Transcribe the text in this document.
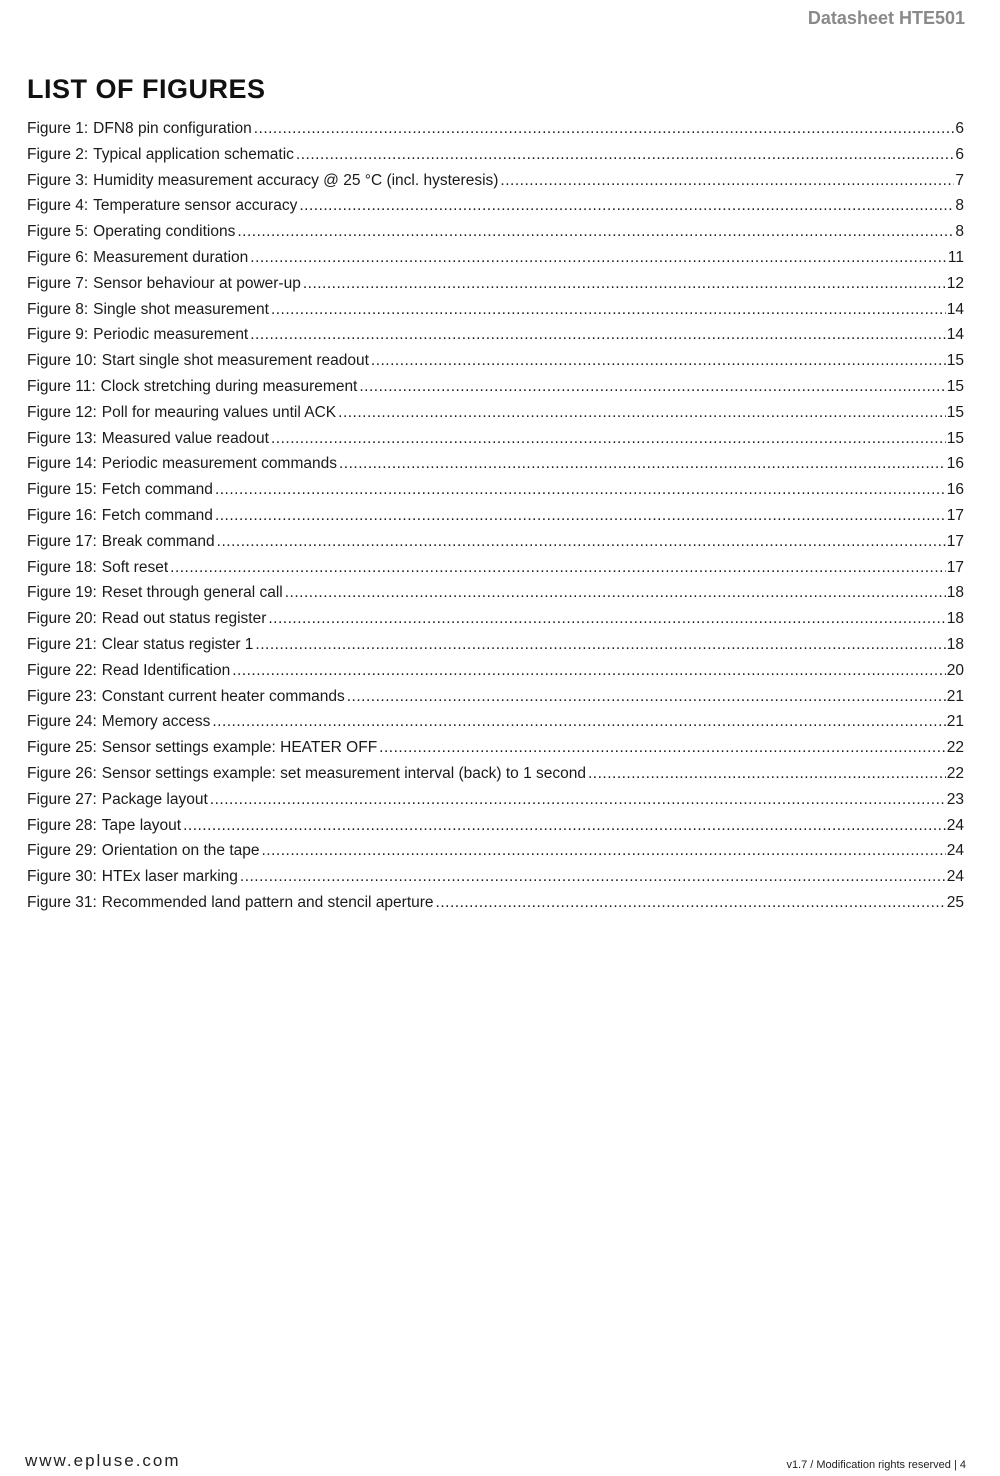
Datasheet HTE501
LIST OF FIGURES
Figure 1: DFN8 pin configuration .....	6
Figure 2: Typical application schematic .....	6
Figure 3: Humidity measurement accuracy @ 25 °C (incl. hysteresis) .....	7
Figure 4: Temperature sensor accuracy .....	8
Figure 5: Operating conditions .....	8
Figure 6: Measurement duration .....	11
Figure 7: Sensor behaviour at power-up .....	12
Figure 8: Single shot measurement .....	14
Figure 9: Periodic measurement .....	14
Figure 10: Start single shot measurement readout .....	15
Figure 11: Clock stretching during measurement .....	15
Figure 12: Poll for meauring values until ACK .....	15
Figure 13: Measured value readout .....	15
Figure 14: Periodic measurement commands .....	16
Figure 15: Fetch command .....	16
Figure 16: Fetch command .....	17
Figure 17: Break command .....	17
Figure 18: Soft reset .....	17
Figure 19: Reset through general call .....	18
Figure 20: Read out status register .....	18
Figure 21: Clear status register 1 .....	18
Figure 22: Read Identification .....	20
Figure 23: Constant current heater commands .....	21
Figure 24: Memory access .....	21
Figure 25: Sensor settings example: HEATER OFF .....	22
Figure 26: Sensor settings example: set measurement interval (back) to 1 second .....	22
Figure 27: Package layout .....	23
Figure 28: Tape layout .....	24
Figure 29: Orientation on the tape .....	24
Figure 30: HTEx laser marking .....	24
Figure 31: Recommended land pattern and stencil aperture .....	25
www.epluse.com	v1.7 / Modification rights reserved | 4
